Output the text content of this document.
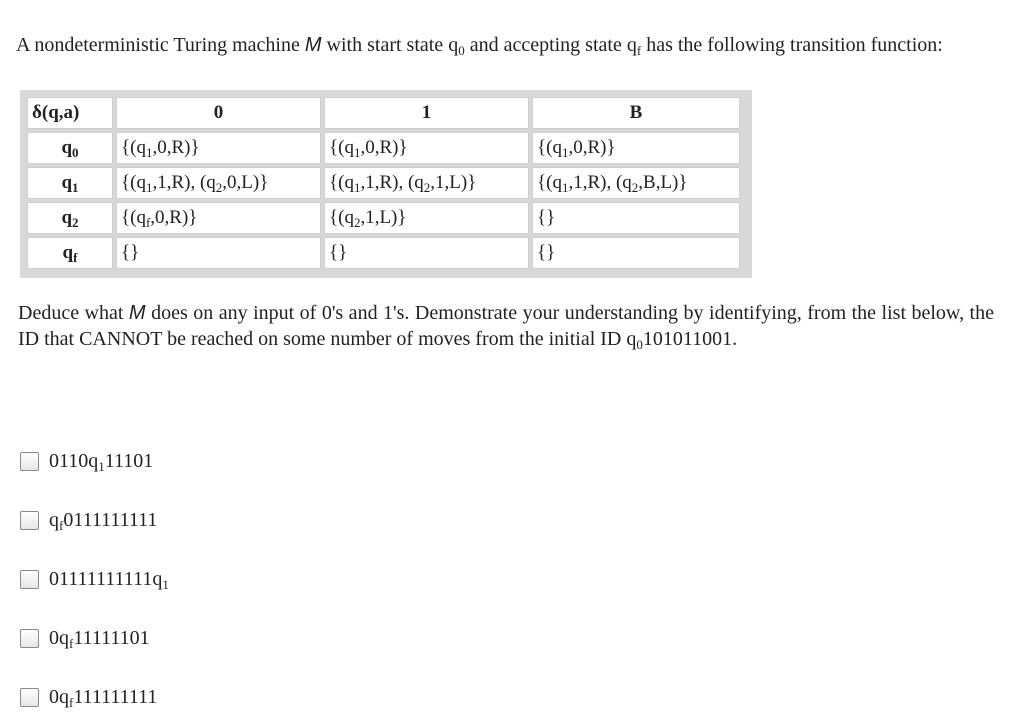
A nondeterministic Turing machine M with start state $q_0$ and accepting state $q_f$ has the following transition function:
δ(q,a)	0	1	B
$q_0$	$\{(q_1,0,R)\}$	$\{(q_1,0,R)\}$	$\{(q_1,0,R)\}$
$q_1$	{$(q_1,1,R)$, $(q_2,0,L)$}	{$(q_1,1,R)$, $(q_2,1,L)$}	{$(q_1,1,R)$, $(q_2,B,L)$}
$q_2$	$\{(q_f,0,R)\}$	$\{(q_2,1,L)\}$	{}
$q_f$	{}	{}	{}
Deduce what M does on any input of 0's and 1's. Demonstrate your understanding by identifying, from the list below, the ID that CANNOT be reached on some number of moves from the initial ID $q_0101011001$.
$0110q_111101$
$q_f0111111111$
$01111111111q_1$
$0q_f11111101$
$0q_f111111111$
